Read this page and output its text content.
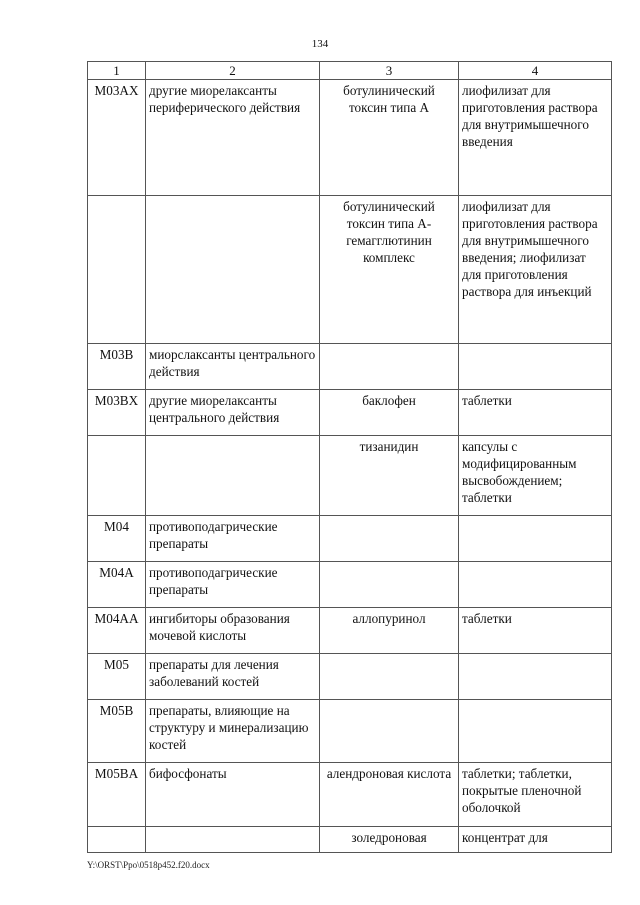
134
1	2	3	4
M03AX	другие миорелаксанты периферического действия	ботулинический токсин типа А	лиофилизат для приготовления раствора для внутримышечного введения
		ботулинический токсин типа А-гемагглютинин комплекс	лиофилизат для приготовления раствора для внутримышечного введения; лиофилизат для приготовления раствора для инъекций
M03B	миорслаксанты центрального действия		
M03BX	другие миорелаксанты центрального действия	баклофен	таблетки
		тизанидин	капсулы с модифицированным высвобождением; таблетки
M04	противоподагрические препараты		
M04A	противоподагрические препараты		
M04AA	ингибиторы образования мочевой кислоты	аллопуринол	таблетки
M05	препараты для лечения заболеваний костей		
M05B	препараты, влияющие на структуру и минерализацию костей		
M05BA	бифосфонаты	алендроновая кислота	таблетки; таблетки, покрытые пленочной оболочкой
		золедроновая	концентрат для
Y:\ORST\Ppo\0518p452.f20.docx
